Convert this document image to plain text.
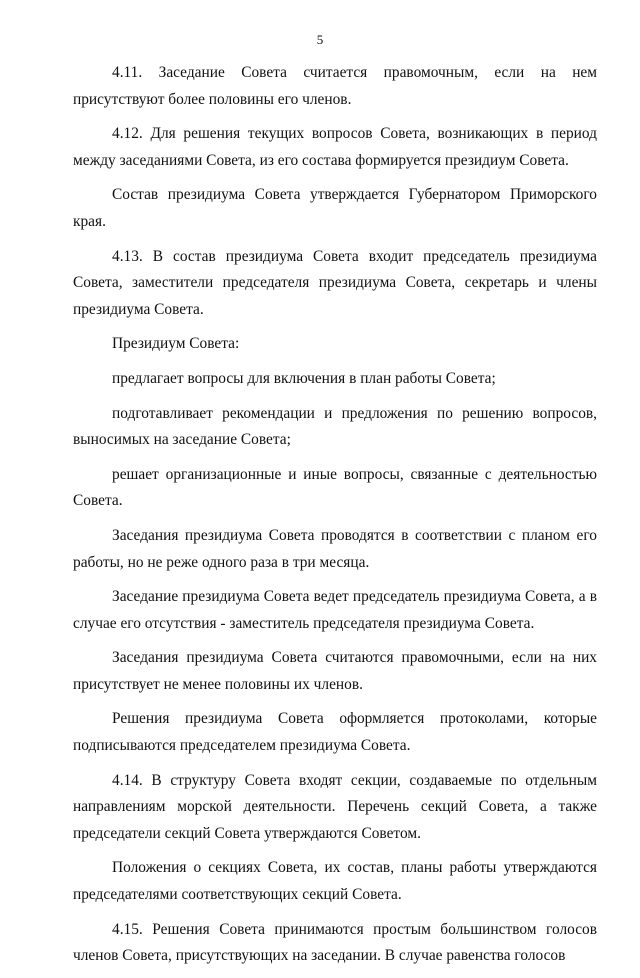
5

4.11. Заседание Совета считается правомочным, если на нем присутствуют более половины его членов.

4.12. Для решения текущих вопросов Совета, возникающих в период между заседаниями Совета, из его состава формируется президиум Совета.

Состав президиума Совета утверждается Губернатором Приморского края.

4.13. В состав президиума Совета входит председатель президиума Совета, заместители председателя президиума Совета, секретарь и члены президиума Совета.

Президиум Совета:

предлагает вопросы для включения в план работы Совета;

подготавливает рекомендации и предложения по решению вопросов, выносимых на заседание Совета;

решает организационные и иные вопросы, связанные с деятельностью Совета.

Заседания президиума Совета проводятся в соответствии с планом его работы, но не реже одного раза в три месяца.

Заседание президиума Совета ведет председатель президиума Совета, а в случае его отсутствия - заместитель председателя президиума Совета.

Заседания президиума Совета считаются правомочными, если на них присутствует не менее половины их членов.

Решения президиума Совета оформляется протоколами, которые подписываются председателем президиума Совета.

4.14. В структуру Совета входят секции, создаваемые по отдельным направлениям морской деятельности. Перечень секций Совета, а также председатели секций Совета утверждаются Советом.

Положения о секциях Совета, их состав, планы работы утверждаются председателями соответствующих секций Совета.

4.15. Решения Совета принимаются простым большинством голосов членов Совета, присутствующих на заседании. В случае равенства голосов
